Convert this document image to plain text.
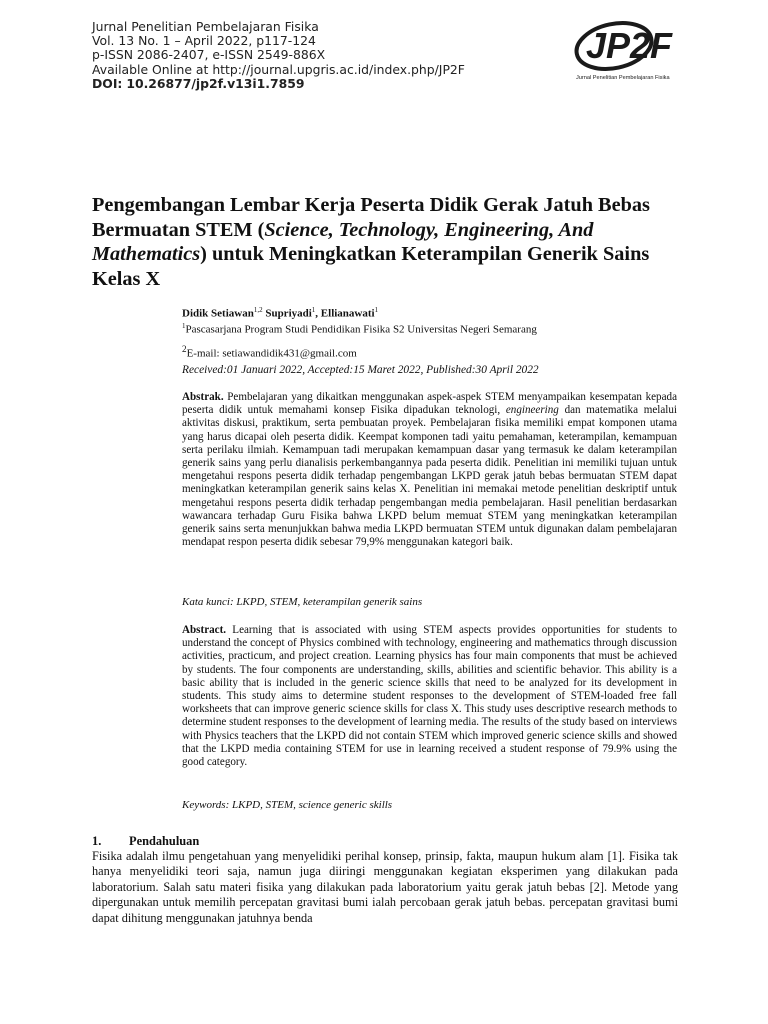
Jurnal Penelitian Pembelajaran Fisika
Vol. 13 No. 1 – April 2022, p117-124
p-ISSN 2086-2407, e-ISSN 2549-886X
Available Online at http://journal.upgris.ac.id/index.php/JP2F
DOI: 10.26877/jp2f.v13i1.7859
JP2F
Jurnal Penelitian Pembelajaran Fisika
Pengembangan Lembar Kerja Peserta Didik Gerak Jatuh Bebas Bermuatan STEM (Science, Technology, Engineering, And Mathematics) untuk Meningkatkan Keterampilan Generik Sains Kelas X
Didik Setiawan$^{1,2}$ Supriyadi$^1$, Ellianawati$^1$
$^1$Pascasarjana Program Studi Pendidikan Fisika S2 Universitas Negeri Semarang
$^2$E-mail: setiawandidik431@gmail.com
Received:01 Januari 2022, Accepted:15 Maret 2022, Published:30 April 2022

Abstrak. Pembelajaran yang dikaitkan menggunakan aspek-aspek STEM menyampaikan kesempatan kepada peserta didik untuk memahami konsep Fisika dipadukan teknologi, engineering dan matematika melalui aktivitas diskusi, praktikum, serta pembuatan proyek. Pembelajaran fisika memiliki empat komponen utama yang harus dicapai oleh peserta didik. Keempat komponen tadi yaitu pemahaman, keterampilan, kemampuan serta perilaku ilmiah. Kemampuan tadi merupakan kemampuan dasar yang termasuk ke dalam keterampilan generik sains yang perlu dianalisis perkembangannya pada peserta didik. Penelitian ini memiliki tujuan untuk mengetahui respons peserta didik terhadap pengembangan LKPD gerak jatuh bebas bermuatan STEM dapat meningkatkan keterampilan generik sains kelas X. Penelitian ini memakai metode penelitian deskriptif untuk mengetahui respons peserta didik terhadap pengembangan media pembelajaran. Hasil penelitian berdasarkan wawancara terhadap Guru Fisika bahwa LKPD belum memuat STEM yang meningkatkan keterampilan generik sains serta menunjukkan bahwa media LKPD bermuatan STEM untuk digunakan dalam pembelajaran mendapat respon peserta didik sebesar 79,9% menggunakan kategori baik.

Kata kunci: LKPD, STEM, keterampilan generik sains

Abstract. Learning that is associated with using STEM aspects provides opportunities for students to understand the concept of Physics combined with technology, engineering and mathematics through discussion activities, practicum, and project creation. Learning physics has four main components that must be achieved by students. The four components are understanding, skills, abilities and scientific behavior. This ability is a basic ability that is included in the generic science skills that need to be analyzed for its development in students. This study aims to determine student responses to the development of STEM-loaded free fall worksheets that can improve generic science skills for class X. This study uses descriptive research methods to determine student responses to the development of learning media. The results of the study based on interviews with Physics teachers that the LKPD did not contain STEM which improved generic science skills and showed that the LKPD media containing STEM for use in learning received a student response of 79.9% using the good category.

Keywords: LKPD, STEM, science generic skills
1. Pendahuluan

Fisika adalah ilmu pengetahuan yang menyelidiki perihal konsep, prinsip, fakta, maupun hukum alam [1]. Fisika tak hanya menyelidiki teori saja, namun juga diiringi menggunakan kegiatan eksperimen yang dilakukan pada laboratorium. Salah satu materi fisika yang dilakukan pada laboratorium yaitu gerak jatuh bebas [2]. Metode yang dipergunakan untuk memilih percepatan gravitasi bumi ialah percobaan gerak jatuh bebas. percepatan gravitasi bumi dapat dihitung menggunakan jatuhnya benda
